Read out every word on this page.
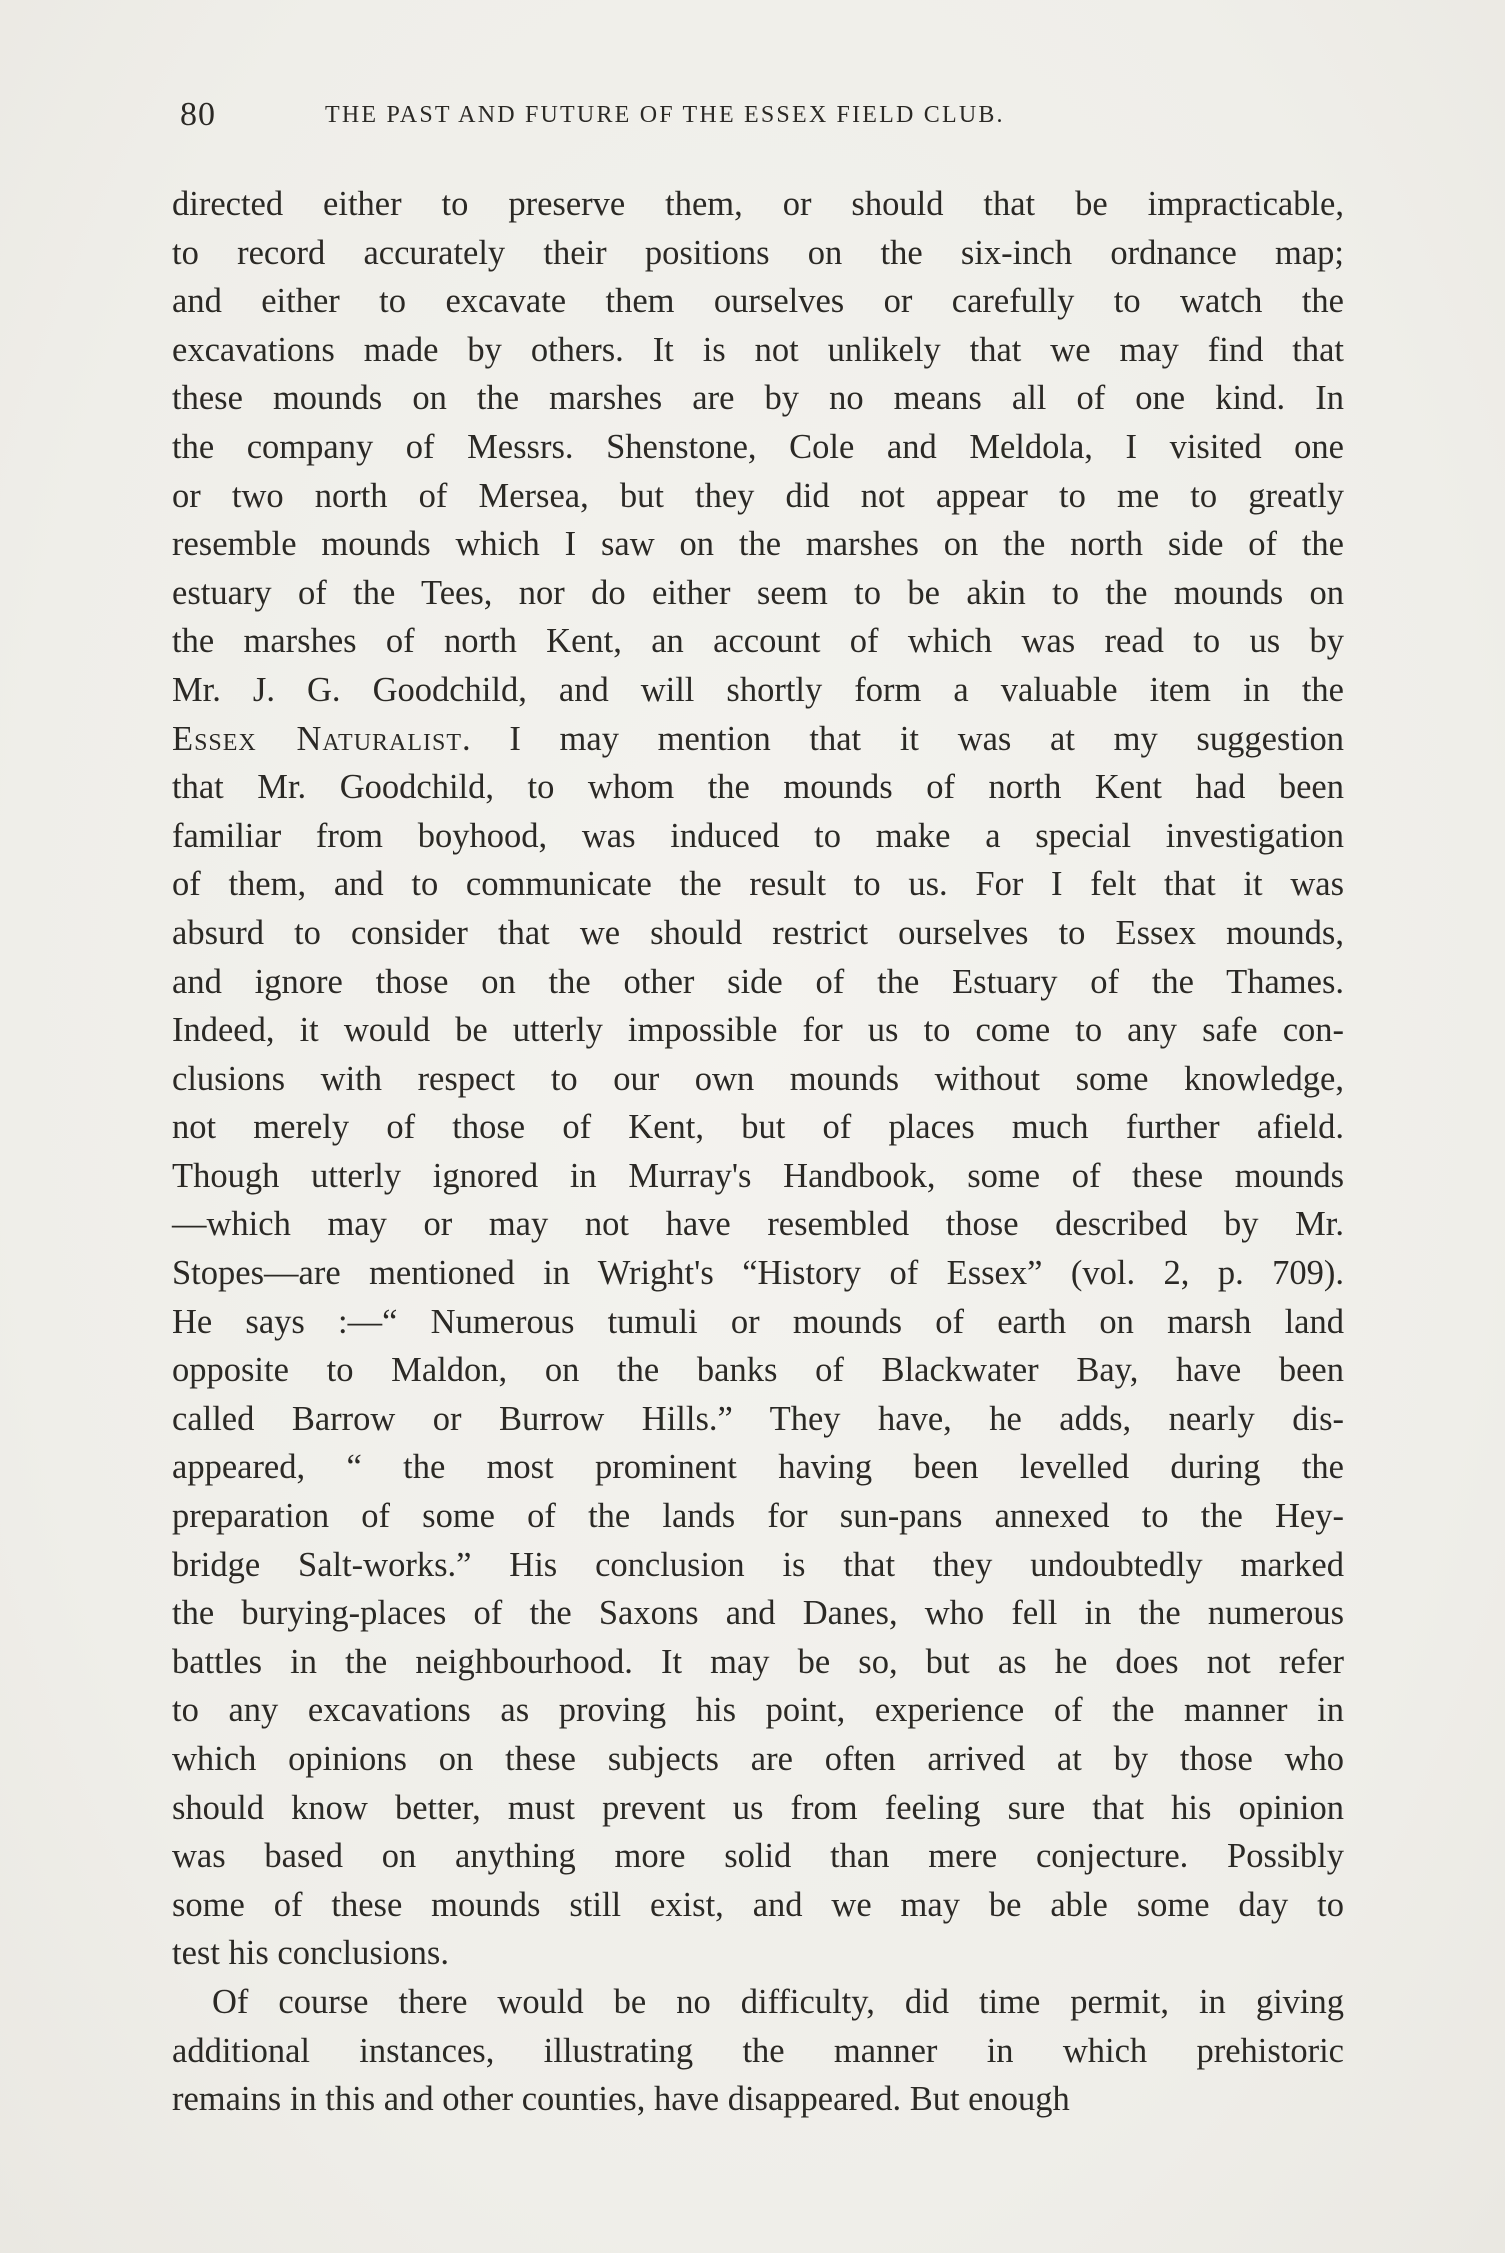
80	THE PAST AND FUTURE OF THE ESSEX FIELD CLUB.
directed either to preserve them, or should that be impracticable,
to record accurately their positions on the six-inch ordnance map;
and either to excavate them ourselves or carefully to watch the
excavations made by others. It is not unlikely that we may find that
these mounds on the marshes are by no means all of one kind. In
the company of Messrs. Shenstone, Cole and Meldola, I visited one
or two north of Mersea, but they did not appear to me to greatly
resemble mounds which I saw on the marshes on the north side of the
estuary of the Tees, nor do either seem to be akin to the mounds on
the marshes of north Kent, an account of which was read to us by
Mr. J. G. Goodchild, and will shortly form a valuable item in the
Essex Naturalist. I may mention that it was at my suggestion
that Mr. Goodchild, to whom the mounds of north Kent had been
familiar from boyhood, was induced to make a special investigation
of them, and to communicate the result to us. For I felt that it was
absurd to consider that we should restrict ourselves to Essex mounds,
and ignore those on the other side of the Estuary of the Thames.
Indeed, it would be utterly impossible for us to come to any safe con-
clusions with respect to our own mounds without some knowledge,
not merely of those of Kent, but of places much further afield.
Though utterly ignored in Murray's Handbook, some of these mounds
—which may or may not have resembled those described by Mr.
Stopes—are mentioned in Wright's “History of Essex” (vol. 2, p. 709).
He says :—“ Numerous tumuli or mounds of earth on marsh land
opposite to Maldon, on the banks of Blackwater Bay, have been
called Barrow or Burrow Hills.” They have, he adds, nearly dis-
appeared, “ the most prominent having been levelled during the
preparation of some of the lands for sun-pans annexed to the Hey-
bridge Salt-works.” His conclusion is that they undoubtedly marked
the burying-places of the Saxons and Danes, who fell in the numerous
battles in the neighbourhood. It may be so, but as he does not refer
to any excavations as proving his point, experience of the manner in
which opinions on these subjects are often arrived at by those who
should know better, must prevent us from feeling sure that his opinion
was based on anything more solid than mere conjecture. Possibly
some of these mounds still exist, and we may be able some day to
test his conclusions.
Of course there would be no difficulty, did time permit, in giving
additional instances, illustrating the manner in which prehistoric
remains in this and other counties, have disappeared. But enough
